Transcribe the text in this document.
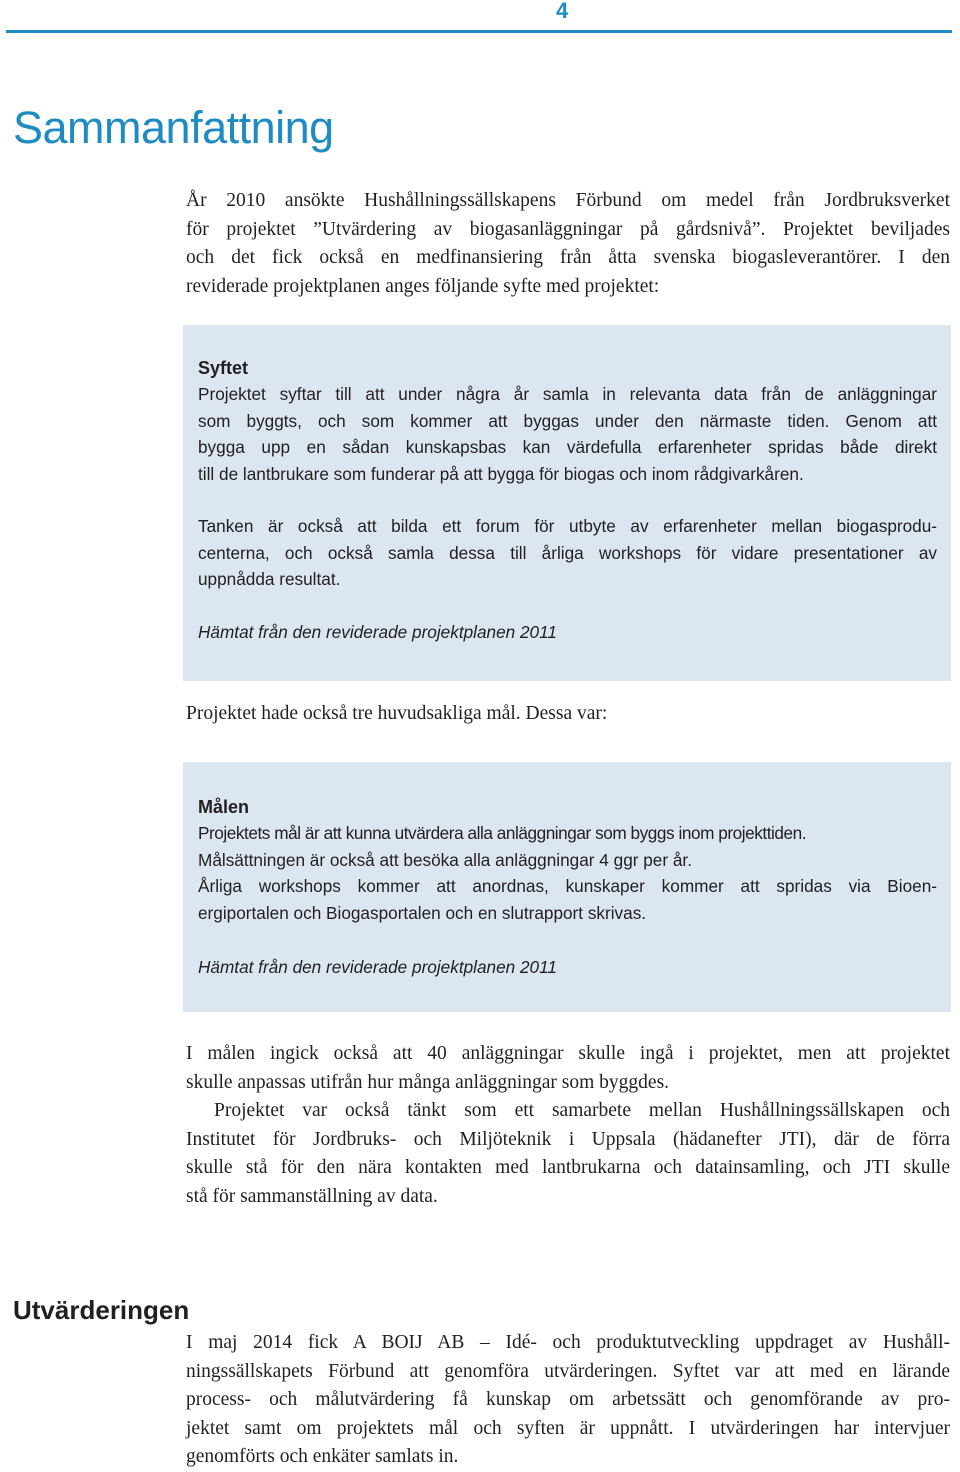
4
Sammanfattning

År 2010 ansökte Hushållningssällskapens Förbund om medel från Jordbruksverket
för projektet ”Utvärdering av biogasanläggningar på gårdsnivå”. Projektet beviljades
och det fick också en medfinansiering från åtta svenska biogasleverantörer. I den
reviderade projektplanen anges följande syfte med projektet:

Syftet

Projektet syftar till att under några år samla in relevanta data från de anläggningar
som byggts, och som kommer att byggas under den närmaste tiden. Genom att
bygga upp en sådan kunskapsbas kan värdefulla erfarenheter spridas både direkt
till de lantbrukare som funderar på att bygga för biogas och inom rådgivarkåren.

Tanken är också att bilda ett forum för utbyte av erfarenheter mellan biogasprodu-
centerna, och också samla dessa till årliga workshops för vidare presentationer av
uppnådda resultat.

Hämtat från den reviderade projektplanen 2011

Projektet hade också tre huvudsakliga mål. Dessa var:

Målen

Projektets mål är att kunna utvärdera alla anläggningar som byggs inom projekttiden.
Målsättningen är också att besöka alla anläggningar 4 ggr per år.
Årliga workshops kommer att anordnas, kunskaper kommer att spridas via Bioen-
ergiportalen och Biogasportalen och en slutrapport skrivas.

Hämtat från den reviderade projektplanen 2011

I målen ingick också att 40 anläggningar skulle ingå i projektet, men att projektet
skulle anpassas utifrån hur många anläggningar som byggdes.

Projektet var också tänkt som ett samarbete mellan Hushållningssällskapen och
Institutet för Jordbruks- och Miljöteknik i Uppsala (hädanefter JTI), där de förra
skulle stå för den nära kontakten med lantbrukarna och datainsamling, och JTI skulle
stå för sammanställning av data.

Utvärderingen

I maj 2014 fick A BOIJ AB – Idé- och produktutveckling uppdraget av Hushåll-
ningssällskapets Förbund att genomföra utvärderingen. Syftet var att med en lärande
process- och målutvärdering få kunskap om arbetssätt och genomförande av pro-
jektet samt om projektets mål och syften är uppnått. I utvärderingen har intervjuer
genomförts och enkäter samlats in.
